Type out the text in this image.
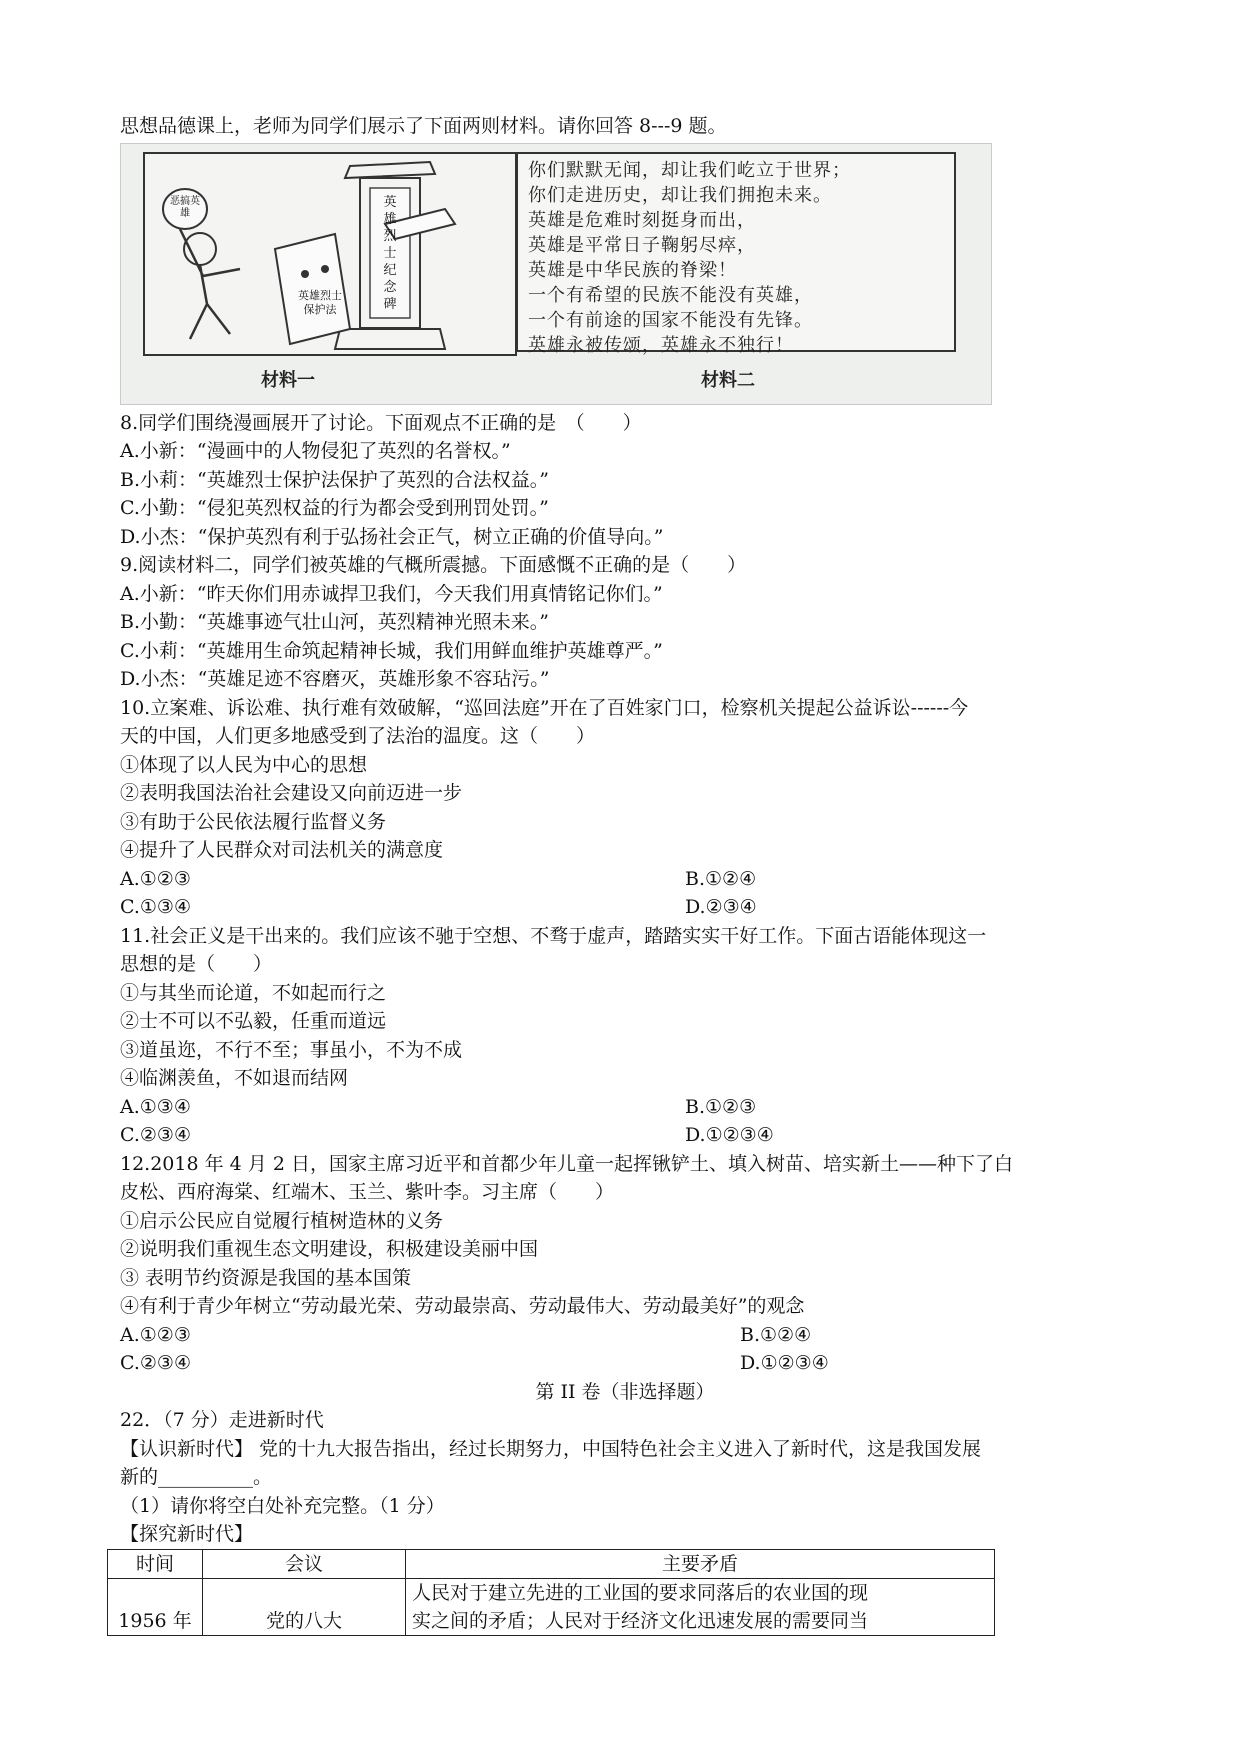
思想品德课上，老师为同学们展示了下面两则材料。请你回答 8---9 题。
恶搞英雄
英雄烈士保护法
英雄烈士纪念碑
你们默默无闻，却让我们屹立于世界；
你们走进历史，却让我们拥抱未来。
英雄是危难时刻挺身而出，
英雄是平常日子鞠躬尽瘁，
英雄是中华民族的脊梁！
一个有希望的民族不能没有英雄，
一个有前途的国家不能没有先锋。
英雄永被传颂，英雄永不独行！
材料一	材料二
8.同学们围绕漫画展开了讨论。下面观点不正确的是　（　　）
A.小新：“漫画中的人物侵犯了英烈的名誉权。”
B.小莉：“英雄烈士保护法保护了英烈的合法权益。”
C.小勤：“侵犯英烈权益的行为都会受到刑罚处罚。”
D.小杰：“保护英烈有利于弘扬社会正气，树立正确的价值导向。”
9.阅读材料二，同学们被英雄的气概所震撼。下面感慨不正确的是（　　）
A.小新：“昨天你们用赤诚捍卫我们，今天我们用真情铭记你们。”
B.小勤：“英雄事迹气壮山河，英烈精神光照未来。”
C.小莉：“英雄用生命筑起精神长城，我们用鲜血维护英雄尊严。”
D.小杰：“英雄足迹不容磨灭，英雄形象不容玷污。”
10.立案难、诉讼难、执行难有效破解，“巡回法庭”开在了百姓家门口，检察机关提起公益诉讼------今
天的中国，人们更多地感受到了法治的温度。这（　　）
①体现了以人民为中心的思想
②表明我国法治社会建设又向前迈进一步
③有助于公民依法履行监督义务
④提升了人民群众对司法机关的满意度
A.①②③	B.①②④
C.①③④	D.②③④
11.社会正义是干出来的。我们应该不驰于空想、不骛于虚声，踏踏实实干好工作。下面古语能体现这一
思想的是（　　）
①与其坐而论道，不如起而行之
②士不可以不弘毅，任重而道远
③道虽迩，不行不至；事虽小，不为不成
④临渊羡鱼，不如退而结网
A.①③④	B.①②③
C.②③④	D.①②③④
12.2018 年 4 月 2 日，国家主席习近平和首都少年儿童一起挥锹铲土、填入树苗、培实新土——种下了白
皮松、西府海棠、红端木、玉兰、紫叶李。习主席（　　）
①启示公民应自觉履行植树造林的义务
②说明我们重视生态文明建设，积极建设美丽中国
③ 表明节约资源是我国的基本国策
④有利于青少年树立“劳动最光荣、劳动最崇高、劳动最伟大、劳动最美好”的观念
A.①②③	B.①②④
C.②③④	D.①②③④
第 II 卷（非选择题）
22．（7 分）走进新时代
【认识新时代】 党的十九大报告指出，经过长期努力，中国特色社会主义进入了新时代，这是我国发展
新的__________。
（1）请你将空白处补充完整。（1 分）
【探究新时代】
时间	会议	主要矛盾
1956 年	党的八大	人民对于建立先进的工业国的要求同落后的农业国的现
实之间的矛盾；人民对于经济文化迅速发展的需要同当
